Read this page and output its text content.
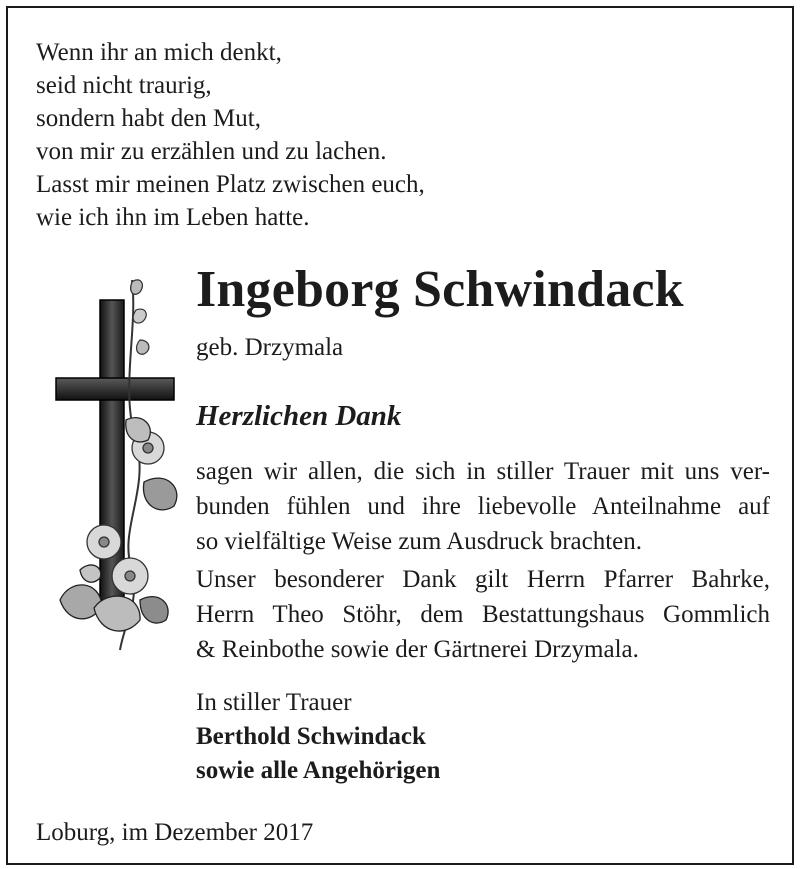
Wenn ihr an mich denkt,
seid nicht traurig,
sondern habt den Mut,
von mir zu erzählen und zu lachen.
Lasst mir meinen Platz zwischen euch,
wie ich ihn im Leben hatte.
Ingeborg Schwindack
geb. Drzymala
Herzlichen Dank
sagen wir allen, die sich in stiller Trauer mit uns ver-
bunden fühlen und ihre liebevolle Anteilnahme auf
so vielfältige Weise zum Ausdruck brachten.
Unser besonderer Dank gilt Herrn Pfarrer Bahrke,
Herrn Theo Stöhr, dem Bestattungshaus Gommlich
& Reinbothe sowie der Gärtnerei Drzymala.
In stiller Trauer
Berthold Schwindack
sowie alle Angehörigen
Loburg, im Dezember 2017
